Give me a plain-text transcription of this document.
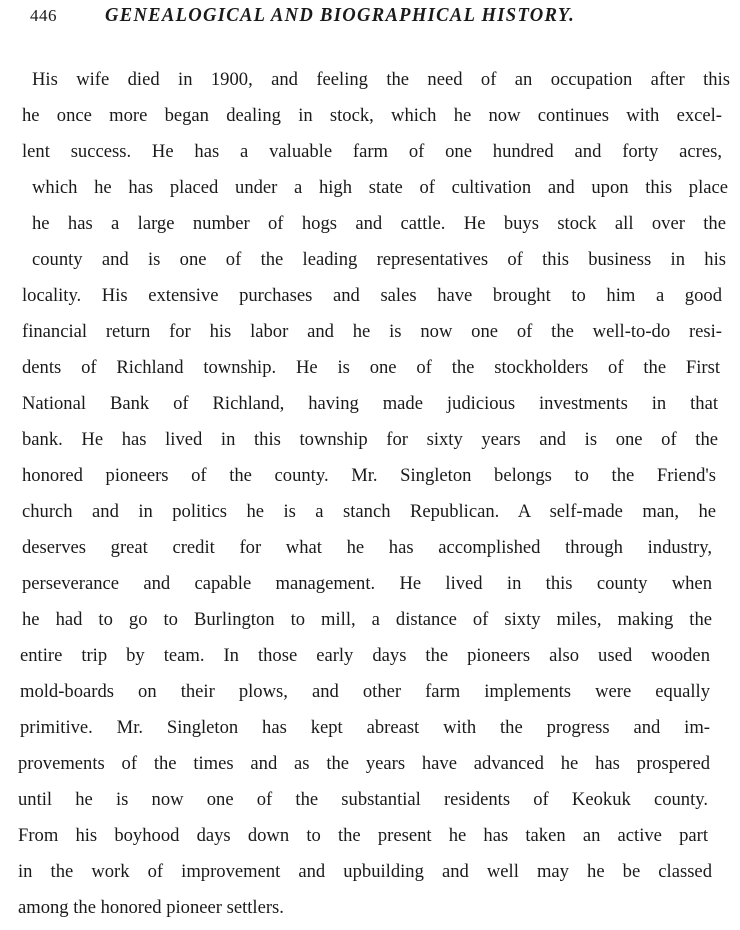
446 GENEALOGICAL AND BIOGRAPHICAL HISTORY.
His wife died in 1900, and feeling the need of an occupation after this
he once more began dealing in stock, which he now continues with excel-
lent success. He has a valuable farm of one hundred and forty acres,
which he has placed under a high state of cultivation and upon this place
he has a large number of hogs and cattle. He buys stock all over the
county and is one of the leading representatives of this business in his
locality. His extensive purchases and sales have brought to him a good
financial return for his labor and he is now one of the well-to-do resi-
dents of Richland township. He is one of the stockholders of the First
National Bank of Richland, having made judicious investments in that
bank. He has lived in this township for sixty years and is one of the
honored pioneers of the county. Mr. Singleton belongs to the Friend's
church and in politics he is a stanch Republican. A self-made man, he
deserves great credit for what he has accomplished through industry,
perseverance and capable management. He lived in this county when
he had to go to Burlington to mill, a distance of sixty miles, making the
entire trip by team. In those early days the pioneers also used wooden
mold-boards on their plows, and other farm implements were equally
primitive. Mr. Singleton has kept abreast with the progress and im-
provements of the times and as the years have advanced he has prospered
until he is now one of the substantial residents of Keokuk county.
From his boyhood days down to the present he has taken an active part
in the work of improvement and upbuilding and well may he be classed
among the honored pioneer settlers.
